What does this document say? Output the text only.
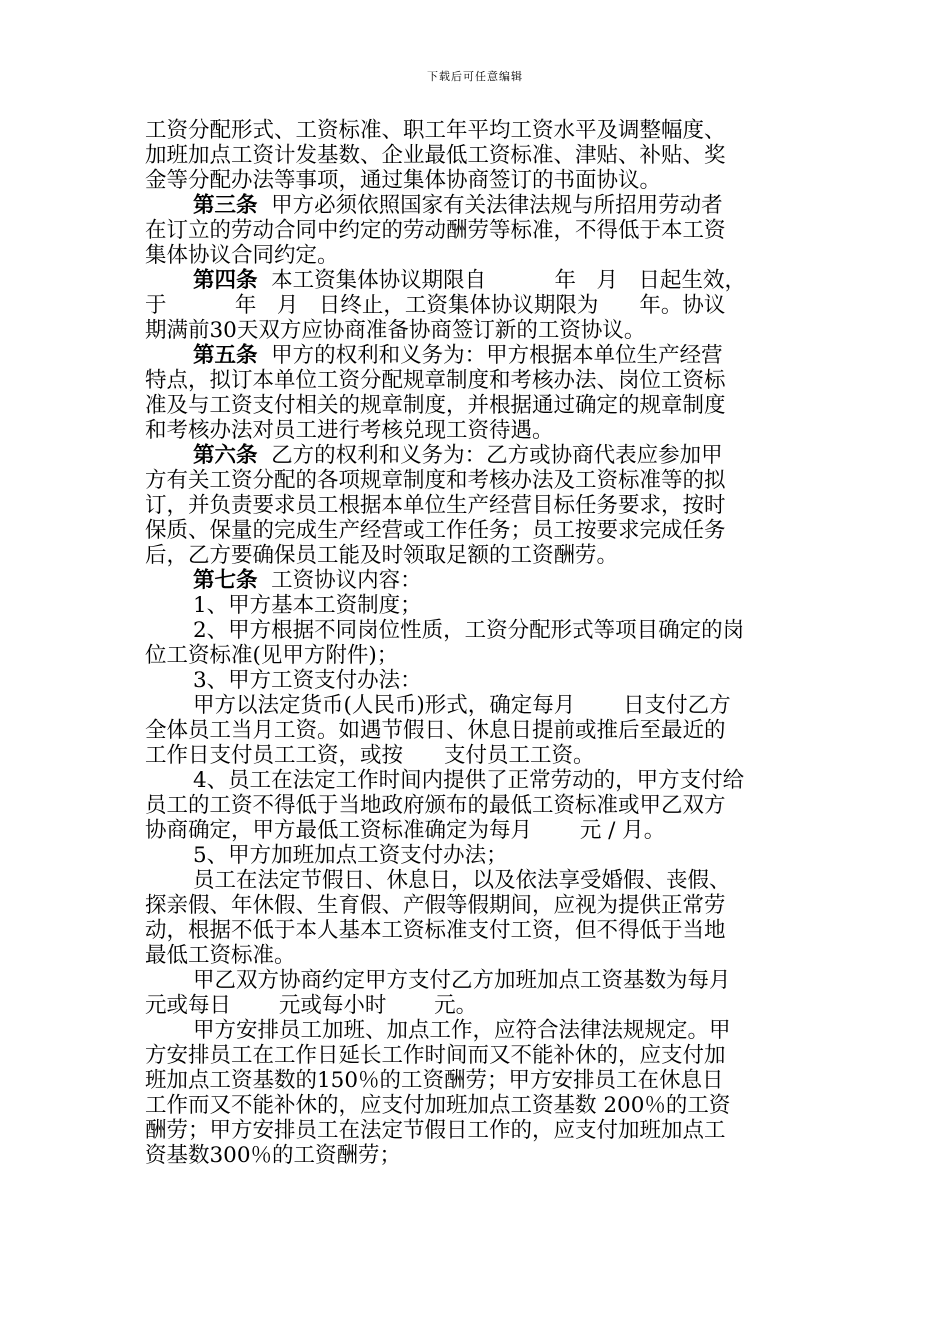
下载后可任意编辑
工资分配形式、工资标准、职工年平均工资水平及调整幅度、
加班加点工资计发基数、企业最低工资标准、津贴、补贴、奖
金等分配办法等事项，通过集体协商签订的书面协议。
第三条  甲方必须依照国家有关法律法规与所招用劳动者
在订立的劳动合同中约定的劳动酬劳等标准，不得低于本工资
集体协议合同约定。
第四条  本工资集体协议期限自          年   月   日起生效，
于          年   月   日终止，工资集体协议期限为      年。协议
期满前30天双方应协商准备协商签订新的工资协议。
第五条  甲方的权利和义务为：甲方根据本单位生产经营
特点，拟订本单位工资分配规章制度和考核办法、岗位工资标
准及与工资支付相关的规章制度，并根据通过确定的规章制度
和考核办法对员工进行考核兑现工资待遇。
第六条  乙方的权利和义务为：乙方或协商代表应参加甲
方有关工资分配的各项规章制度和考核办法及工资标准等的拟
订，并负责要求员工根据本单位生产经营目标任务要求，按时
保质、保量的完成生产经营或工作任务；员工按要求完成任务
后，乙方要确保员工能及时领取足额的工资酬劳。
第七条  工资协议内容：
1、甲方基本工资制度；
2、甲方根据不同岗位性质，工资分配形式等项目确定的岗
位工资标准(见甲方附件)；
3、甲方工资支付办法：
甲方以法定货币(人民币)形式，确定每月       日支付乙方
全体员工当月工资。如遇节假日、休息日提前或推后至最近的
工作日支付员工工资，或按      支付员工工资。
4、员工在法定工作时间内提供了正常劳动的，甲方支付给
员工的工资不得低于当地政府颁布的最低工资标准或甲乙双方
协商确定，甲方最低工资标准确定为每月       元 / 月。
5、甲方加班加点工资支付办法；
员工在法定节假日、休息日，以及依法享受婚假、丧假、
探亲假、年休假、生育假、产假等假期间，应视为提供正常劳
动，根据不低于本人基本工资标准支付工资，但不得低于当地
最低工资标准。
甲乙双方协商约定甲方支付乙方加班加点工资基数为每月
元或每日       元或每小时       元。
甲方安排员工加班、加点工作，应符合法律法规规定。甲
方安排员工在工作日延长工作时间而又不能补休的，应支付加
班加点工资基数的150％的工资酬劳；甲方安排员工在休息日
工作而又不能补休的，应支付加班加点工资基数 200％的工资
酬劳；甲方安排员工在法定节假日工作的，应支付加班加点工
资基数300％的工资酬劳；
